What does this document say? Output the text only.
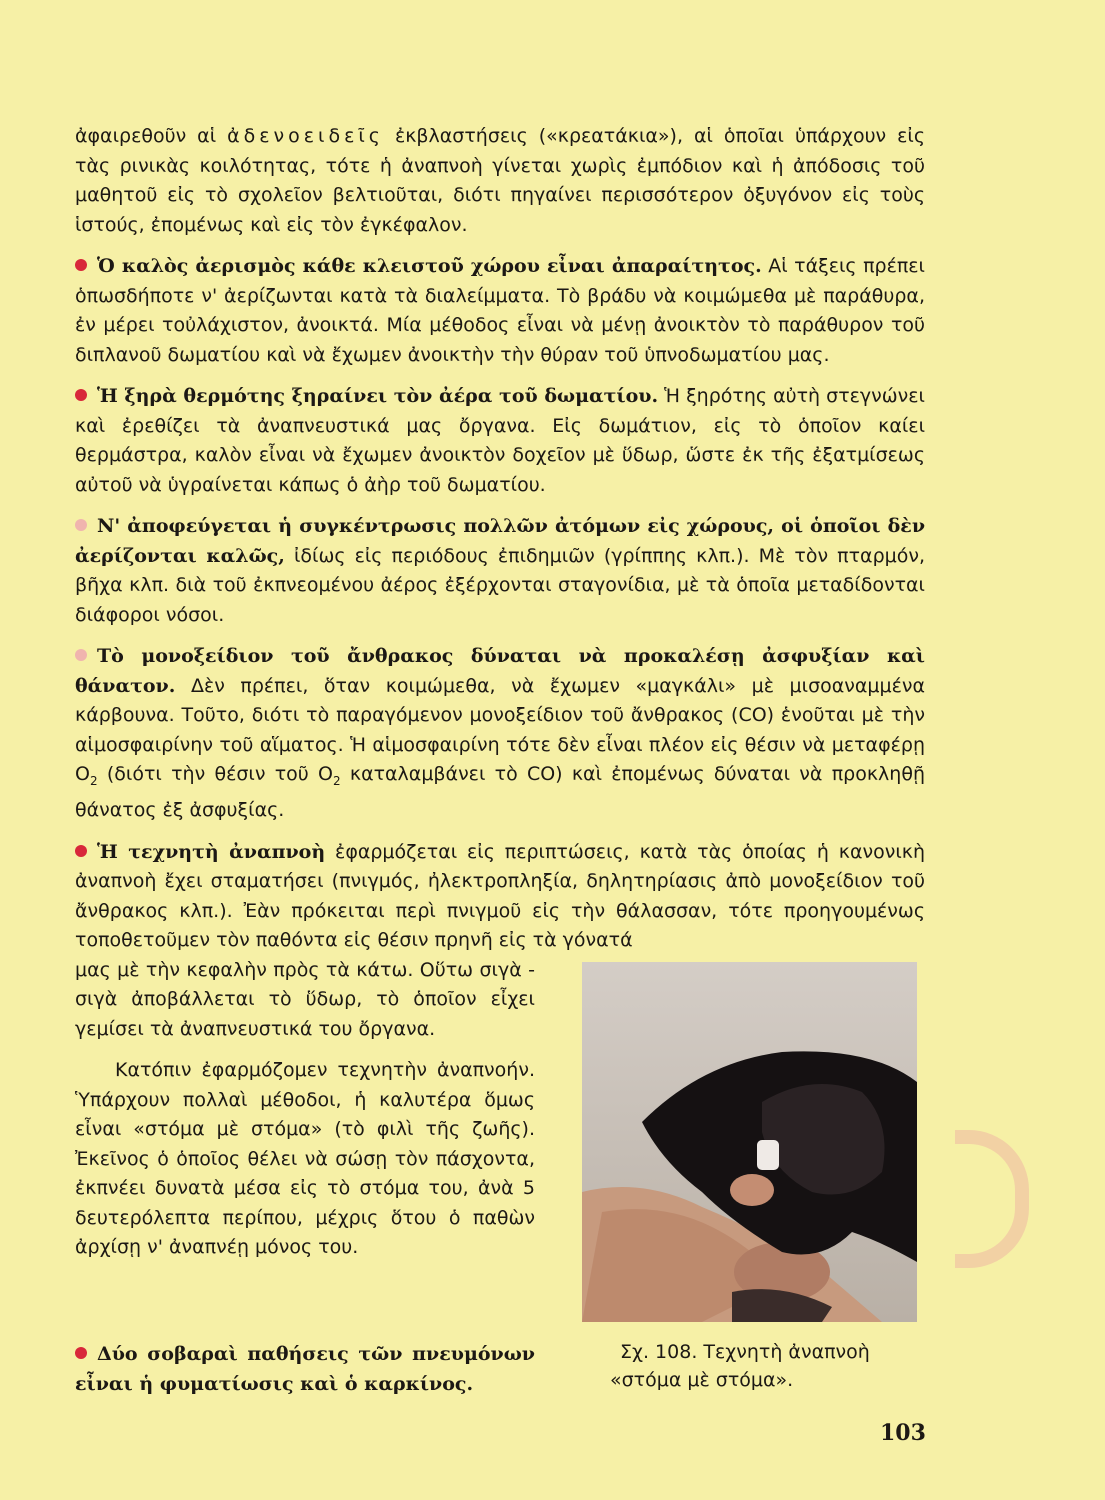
ἀφαιρεθοῦν αἱ ἀδενοειδεῖς ἐκβλαστήσεις («κρεατάκια»), αἱ ὁποῖαι ὑπάρχουν εἰς τὰς ρινικὰς κοιλότητας, τότε ἡ ἀναπνοὴ γίνεται χωρὶς ἐμπόδιον καὶ ἡ ἀπόδοσις τοῦ μαθητοῦ εἰς τὸ σχολεῖον βελτιοῦται, διότι πηγαίνει περισσότερον ὀξυγόνον εἰς τοὺς ἱστούς, ἐπομένως καὶ εἰς τὸν ἐγκέφαλον.

Ὁ καλὸς ἀερισμὸς κάθε κλειστοῦ χώρου εἶναι ἀπαραίτητος. Αἱ τάξεις πρέπει ὁπωσδήποτε ν' ἀερίζωνται κατὰ τὰ διαλείμματα. Τὸ βράδυ νὰ κοιμώμεθα μὲ παράθυρα, ἐν μέρει τοὐλάχιστον, ἀνοικτά. Μία μέθοδος εἶναι νὰ μένῃ ἀνοικτὸν τὸ παράθυρον τοῦ διπλανοῦ δωματίου καὶ νὰ ἔχωμεν ἀνοικτὴν τὴν θύραν τοῦ ὑπνοδωματίου μας.

Ἡ ξηρὰ θερμότης ξηραίνει τὸν ἀέρα τοῦ δωματίου. Ἡ ξηρότης αὐτὴ στεγνώνει καὶ ἐρεθίζει τὰ ἀναπνευστικά μας ὄργανα. Εἰς δωμάτιον, εἰς τὸ ὁποῖον καίει θερμάστρα, καλὸν εἶναι νὰ ἔχωμεν ἀνοικτὸν δοχεῖον μὲ ὕδωρ, ὥστε ἐκ τῆς ἐξατμίσεως αὐτοῦ νὰ ὑγραίνεται κάπως ὁ ἀὴρ τοῦ δωματίου.

Ν' ἀποφεύγεται ἡ συγκέντρωσις πολλῶν ἀτόμων εἰς χώρους, οἱ ὁποῖοι δὲν ἀερίζονται καλῶς, ἰδίως εἰς περιόδους ἐπιδημιῶν (γρίππης κλπ.). Μὲ τὸν πταρμόν, βῆχα κλπ. διὰ τοῦ ἐκπνεομένου ἀέρος ἐξέρχονται σταγονίδια, μὲ τὰ ὁποῖα μεταδίδονται διάφοροι νόσοι.

Τὸ μονοξείδιον τοῦ ἄνθρακος δύναται νὰ προκαλέσῃ ἀσφυξίαν καὶ θάνατον. Δὲν πρέπει, ὅταν κοιμώμεθα, νὰ ἔχωμεν «μαγκάλι» μὲ μισοαναμμένα κάρβουνα. Τοῦτο, διότι τὸ παραγόμενον μονοξείδιον τοῦ ἄνθρακος (CO) ἑνοῦται μὲ τὴν αἱμοσφαιρίνην τοῦ αἵματος. Ἡ αἱμοσφαιρίνη τότε δὲν εἶναι πλέον εἰς θέσιν νὰ μεταφέρῃ $O_2$ (διότι τὴν θέσιν τοῦ $O_2$ καταλαμβάνει τὸ CO) καὶ ἐπομένως δύναται νὰ προκληθῇ θάνατος ἐξ ἀσφυξίας.

Ἡ τεχνητὴ ἀναπνοὴ ἐφαρμόζεται εἰς περιπτώσεις, κατὰ τὰς ὁποίας ἡ κανονικὴ ἀναπνοὴ ἔχει σταματήσει (πνιγμός, ἠλεκτροπληξία, δηλητηρίασις ἀπὸ μονοξείδιον τοῦ ἄνθρακος κλπ.). Ἐὰν πρόκειται περὶ πνιγμοῦ εἰς τὴν θάλασσαν, τότε προηγουμένως τοποθετοῦμεν τὸν παθόντα εἰς θέσιν πρηνῆ εἰς τὰ γόνατά

μας μὲ τὴν κεφαλὴν πρὸς τὰ κάτω. Οὕτω σιγὰ - σιγὰ ἀποβάλλεται τὸ ὕδωρ, τὸ ὁποῖον εἶχει γεμίσει τὰ ἀναπνευστικά του ὄργανα.

Κατόπιν ἐφαρμόζομεν τεχνητὴν ἀναπνοήν. Ὑπάρχουν πολλαὶ μέθοδοι, ἡ καλυτέρα ὅμως εἶναι «στόμα μὲ στόμα» (τὸ φιλὶ τῆς ζωῆς). Ἐκεῖνος ὁ ὁποῖος θέλει νὰ σώσῃ τὸν πάσχοντα, ἐκπνέει δυνατὰ μέσα εἰς τὸ στόμα του, ἀνὰ 5 δευτερόλεπτα περίπου, μέχρις ὅτου ὁ παθὼν ἀρχίσῃ ν' ἀναπνέῃ μόνος του.

Δύο σοβαραὶ παθήσεις τῶν πνευμόνων εἶναι ἡ φυματίωσις καὶ ὁ καρκίνος.

Σχ. 108. Τεχνητὴ ἀναπνοὴ
«στόμα μὲ στόμα».
103
